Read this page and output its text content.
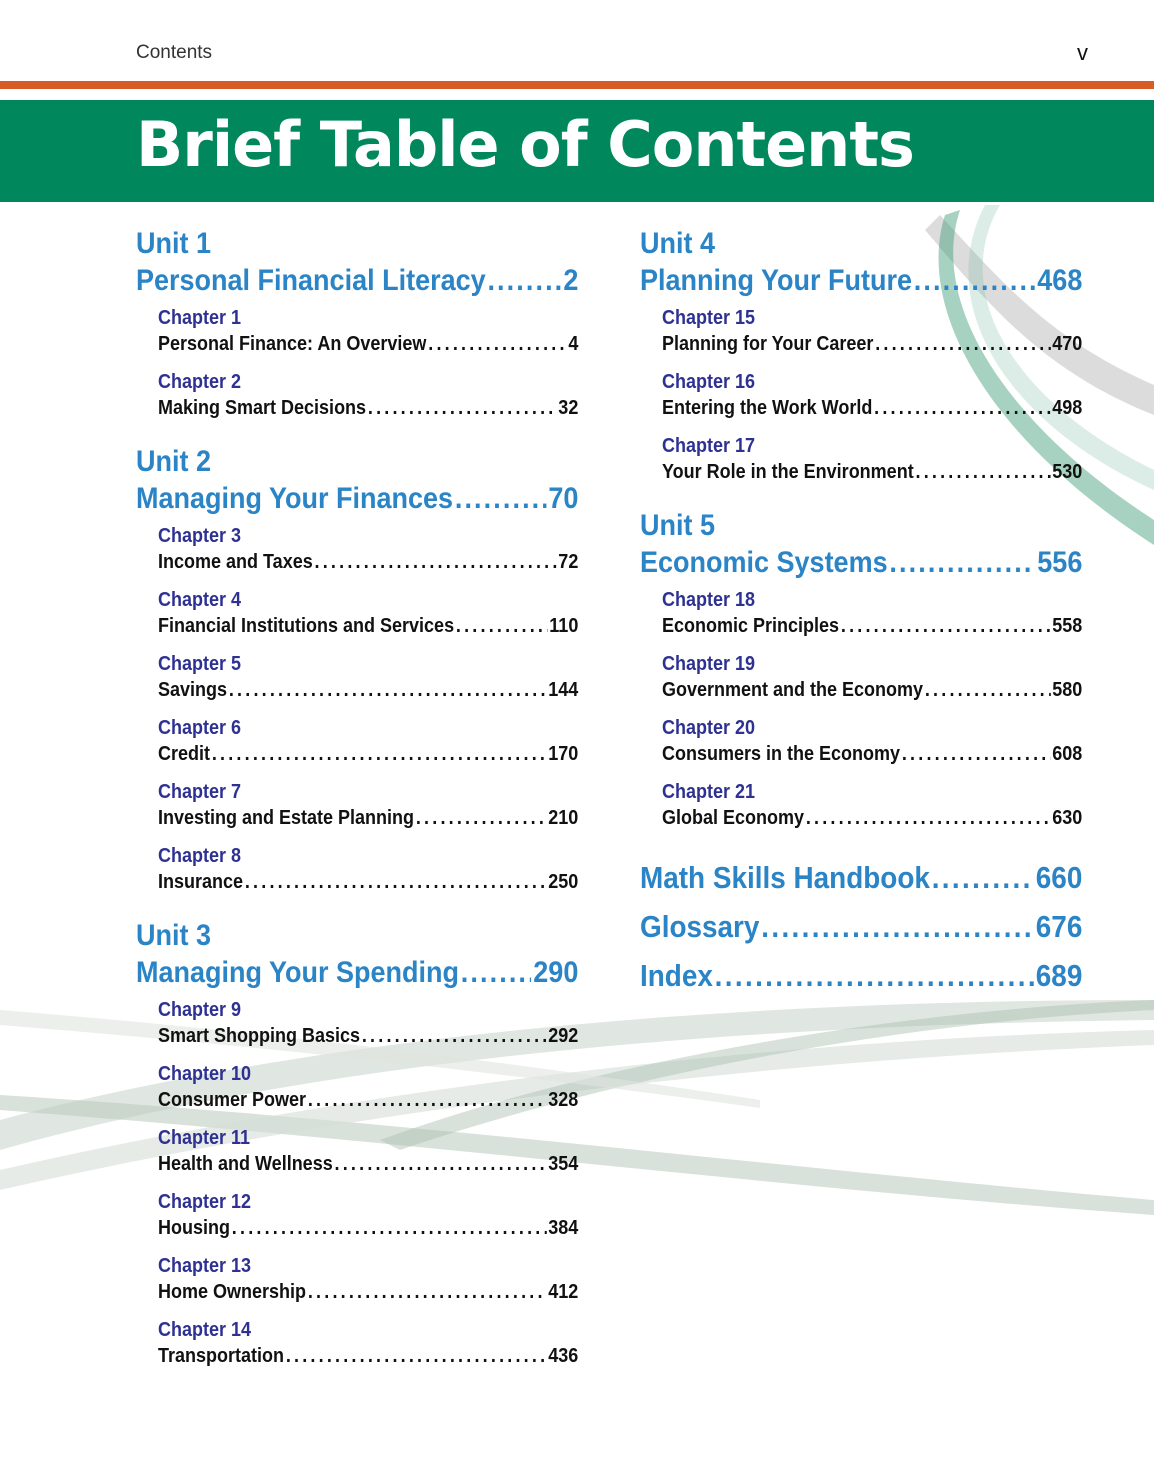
Contents	v
Brief Table of Contents
Unit 1
Personal Financial Literacy . . .	2
Chapter 1
Personal Finance: An Overview . . .	4
Chapter 2
Making Smart Decisions . . .	32
Unit 2
Managing Your Finances . . .	70
Chapter 3
Income and Taxes . . .	72
Chapter 4
Financial Institutions and Services . . .	110
Chapter 5
Savings . . .	144
Chapter 6
Credit . . .	170
Chapter 7
Investing and Estate Planning . . .	210
Chapter 8
Insurance . . .	250
Unit 3
Managing Your Spending . . . 290
Chapter 9
Smart Shopping Basics . . .	292
Chapter 10
Consumer Power . . .	328
Chapter 11
Health and Wellness . . .	354
Chapter 12
Housing . . .	384
Chapter 13
Home Ownership . . .	412
Chapter 14
Transportation . . .	436
Unit 4
Planning Your Future . . .	468
Chapter 15
Planning for Your Career . . .	470
Chapter 16
Entering the Work World . . .	498
Chapter 17
Your Role in the Environment . . .	530
Unit 5
Economic Systems . . .	556
Chapter 18
Economic Principles . . .	558
Chapter 19
Government and the Economy . . .	580
Chapter 20
Consumers in the Economy . . .	608
Chapter 21
Global Economy . . .	630
Math Skills Handbook . . .	660
Glossary . . .	676
Index . . .	689
